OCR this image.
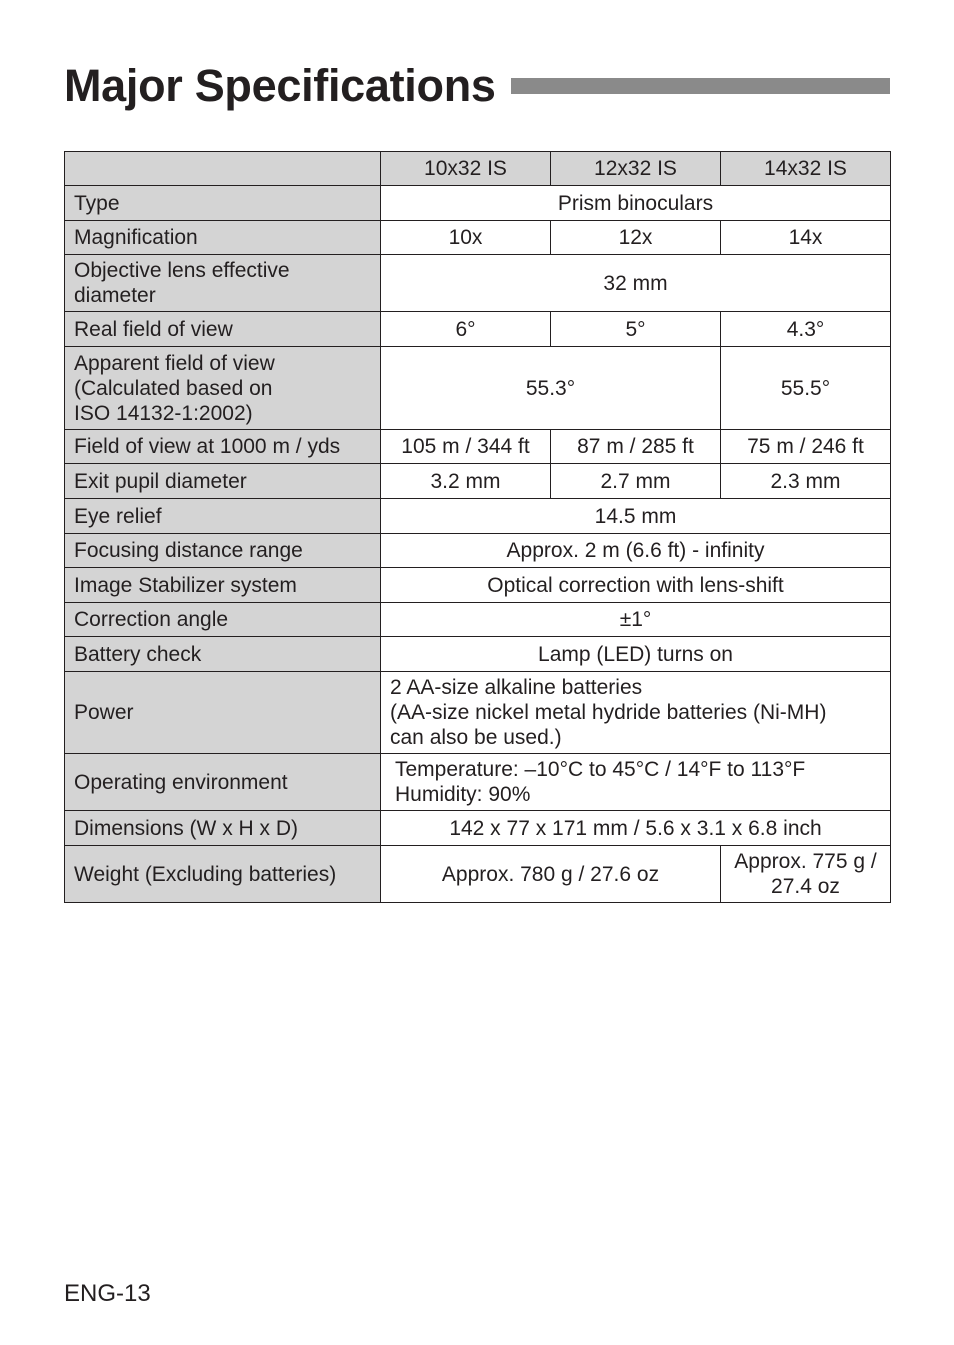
Major Specifications
	10x32 IS	12x32 IS	14x32 IS
Type	Prism binoculars		
Magnification	10x	12x	14x
Objective lens effective
diameter	32 mm		
Real field of view	6°	5°	4.3°
Apparent field of view
(Calculated based on
ISO 14132-1:2002)	55.3°		55.5°
Field of view at 1000 m / yds	105 m / 344 ft	87 m / 285 ft	75 m / 246 ft
Exit pupil diameter	3.2 mm	2.7 mm	2.3 mm
Eye relief	14.5 mm		
Focusing distance range	Approx. 2 m (6.6 ft) - infinity		
Image Stabilizer system	Optical correction with lens-shift		
Correction angle	±1°		
Battery check	Lamp (LED) turns on		
Power	2 AA-size alkaline batteries
(AA-size nickel metal hydride batteries (Ni-MH)
can also be used.)		
Operating environment	Temperature: –10°C to 45°C / 14°F to 113°F
Humidity: 90%		
Dimensions (W x H x D)	142 x 77 x 171 mm / 5.6 x 3.1 x 6.8 inch		
Weight (Excluding batteries)	Approx. 780 g / 27.6 oz		Approx. 775 g /
27.4 oz
ENG-13
